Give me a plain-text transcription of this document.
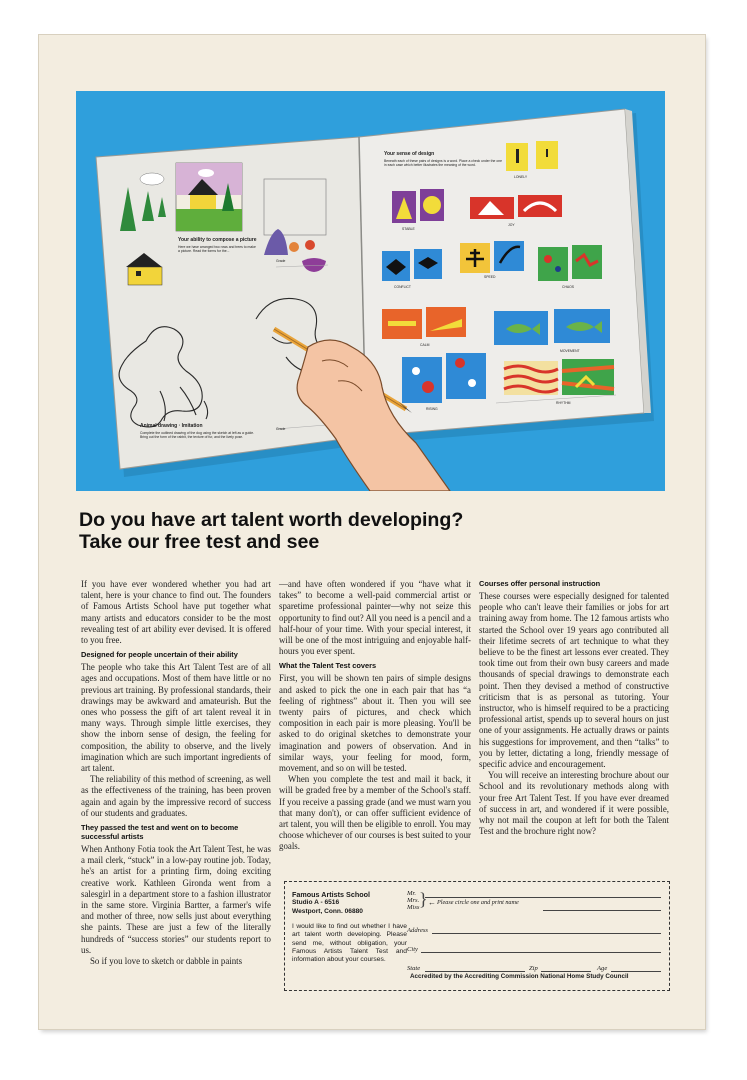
Your sense of design
Beneath each of these pairs of designs is a word. Place a check under the one in each case which better illustrates the meaning of the word.
Your ability to compose a picture
Here we have arranged two rows and trees to make a picture. Read the forms for the...
Grade
Animal drawing · Imitation
Complete the outlined drawing of the dog using the sketch at left as a guide. Bring out the form of the rabbit, the texture of fur, and the lively pose.
Grade
LONELY
STABLE
JOY
SPEED
CONFLICT	CHAOS
CALM
MOVEMENT
RISING
RHYTHM
Do you have art talent worth developing?
Take our free test and see

If you have ever wondered whether you had art talent, here is your chance to find out. The founders of Famous Artists School have put together what many artists and educators consider to be the most revealing test of art ability ever devised. It is offered to you free.

Designed for people uncertain of their ability

The people who take this Art Talent Test are of all ages and occupations. Most of them have little or no previous art training. By professional standards, their drawings may be awkward and amateurish. But the ones who possess the gift of art talent reveal it in many ways. Through simple little exercises, they show the inborn sense of design, the feeling for composition, the ability to observe, and the lively imagination which are such important ingredients of art talent.

The reliability of this method of screening, as well as the effectiveness of the training, has been proven again and again by the impressive record of success of our students and graduates.

They passed the test and went on to become successful artists

When Anthony Fotia took the Art Talent Test, he was a mail clerk, “stuck” in a low-pay routine job. Today, he's an artist for a printing firm, doing exciting creative work. Kathleen Gironda went from a salesgirl in a department store to a fashion illustrator in the same store. Virginia Bartter, a farmer's wife and mother of three, now sells just about everything she paints. These are just a few of the literally hundreds of “success stories” our students report to us.

So if you love to sketch or dabble in paints

—and have often wondered if you “have what it takes” to become a well-paid commercial artist or sparetime professional painter—why not seize this opportunity to find out? All you need is a pencil and a half-hour of your time. With your special interest, it will be one of the most intriguing and enjoyable half-hours you ever spent.

What the Talent Test covers

First, you will be shown ten pairs of simple designs and asked to pick the one in each pair that has “a feeling of rightness” about it. Then you will see twenty pairs of pictures, and check which composition in each pair is more pleasing. You'll be asked to do original sketches to demonstrate your imagination and powers of observation. And in similar ways, your feeling for mood, form, movement, and so on will be tested.

When you complete the test and mail it back, it will be graded free by a member of the School's staff. If you receive a passing grade (and we must warn you that many don't), or can offer sufficient evidence of art talent, you will then be eligible to enroll. You may choose whichever of our courses is best suited to your goals.

Courses offer personal instruction

These courses were especially designed for talented people who can't leave their families or jobs for art training away from home. The 12 famous artists who started the School over 19 years ago contributed all their lifetime secrets of art technique to what they believe to be the finest art lessons ever created. They took time out from their own busy careers and made thousands of special drawings to demonstrate each point. Then they devised a method of constructive criticism that is as personal as tutoring. Your instructor, who is himself required to be a practicing professional artist, spends up to several hours on just one of your assignments. He actually draws or paints his suggestions for improvement, and then “talks” to you by letter, dictating a long, friendly message of specific advice and encouragement.

You will receive an interesting brochure about our School and its revolutionary methods along with your free Art Talent Test. If you have ever dreamed of success in art, and wondered if it were possible, why not mail the coupon at left for both the Talent Test and the brochure right now?

Famous Artists School
Studio A - 6516
Westport, Conn. 06880
I would like to find out whether I have art talent worth developing. Please send me, without obligation, your Famous Artists Talent Test and information about your courses.
Mr.
Mrs.
Miss } ← Please circle one and print name
Address
City
State	Zip	Age
Accredited by the Accrediting Commission National Home Study Council
